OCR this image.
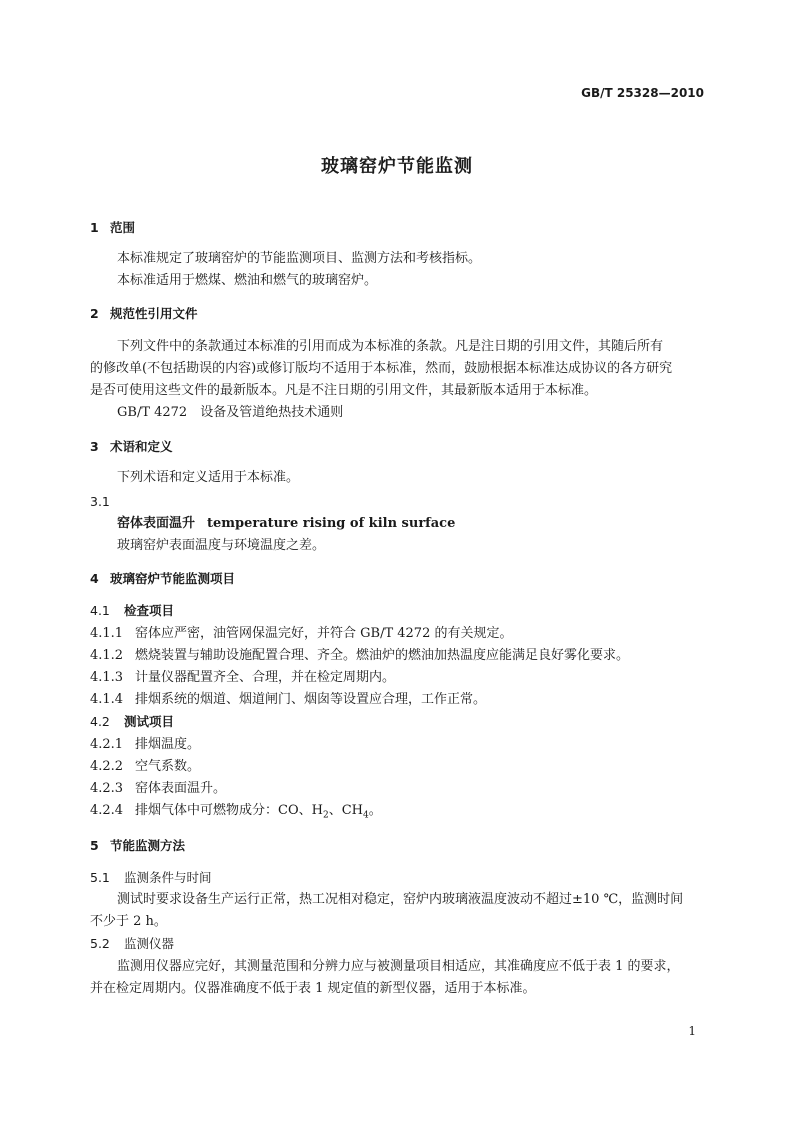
GB/T 25328—2010
玻璃窑炉节能监测
1 范围
本标准规定了玻璃窑炉的节能监测项目、监测方法和考核指标。
本标准适用于燃煤、燃油和燃气的玻璃窑炉。
2 规范性引用文件
下列文件中的条款通过本标准的引用而成为本标准的条款。凡是注日期的引用文件，其随后所有
的修改单(不包括勘误的内容)或修订版均不适用于本标准，然而，鼓励根据本标准达成协议的各方研究
是否可使用这些文件的最新版本。凡是不注日期的引用文件，其最新版本适用于本标准。
GB/T 4272　设备及管道绝热技术通则
3 术语和定义
下列术语和定义适用于本标准。
3.1
窑体表面温升 temperature rising of kiln surface
玻璃窑炉表面温度与环境温度之差。
4 玻璃窑炉节能监测项目
4.1 检查项目
4.1.1 窑体应严密，油管网保温完好，并符合 GB/T 4272 的有关规定。
4.1.2 燃烧装置与辅助设施配置合理、齐全。燃油炉的燃油加热温度应能满足良好雾化要求。
4.1.3 计量仪器配置齐全、合理，并在检定周期内。
4.1.4 排烟系统的烟道、烟道闸门、烟囱等设置应合理，工作正常。
4.2 测试项目
4.2.1 排烟温度。
4.2.2 空气系数。
4.2.3 窑体表面温升。
4.2.4 排烟气体中可燃物成分：CO、$H_2$、$CH_4$。
5 节能监测方法
5.1 监测条件与时间
测试时要求设备生产运行正常，热工况相对稳定，窑炉内玻璃液温度波动不超过±10 ℃，监测时间
不少于 2 h。
5.2 监测仪器
监测用仪器应完好，其测量范围和分辨力应与被测量项目相适应，其准确度应不低于表 1 的要求，
并在检定周期内。仪器准确度不低于表 1 规定值的新型仪器，适用于本标准。
1
